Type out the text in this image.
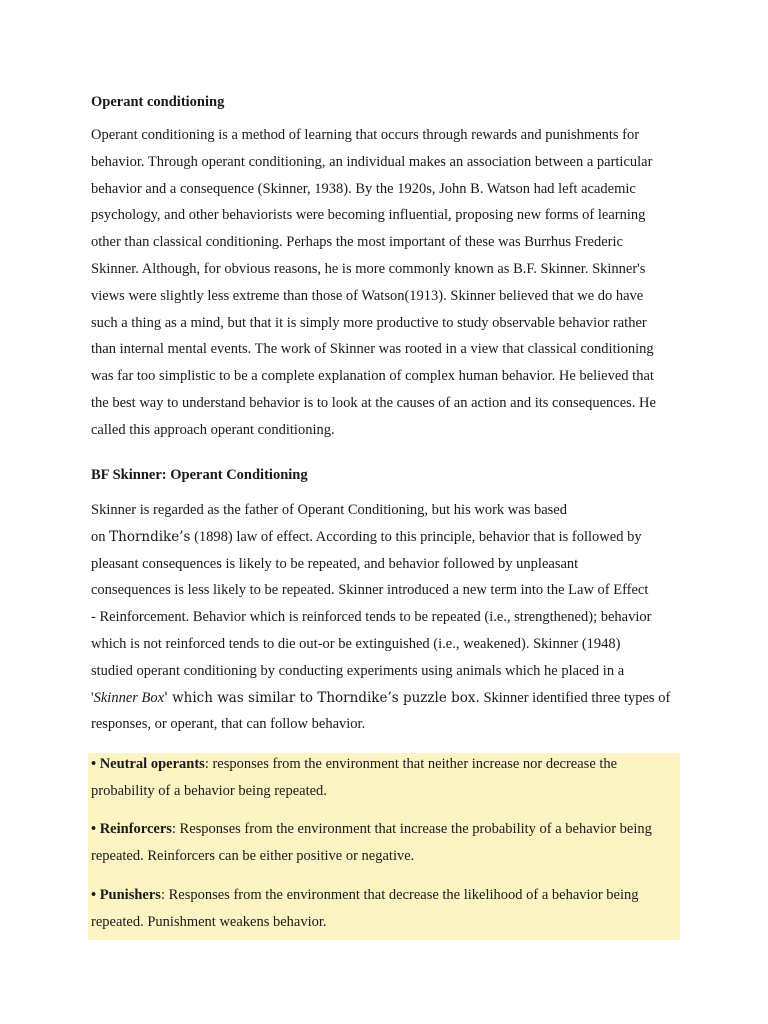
Operant conditioning
Operant conditioning is a method of learning that occurs through rewards and punishments for
behavior. Through operant conditioning, an individual makes an association between a particular
behavior and a consequence (Skinner, 1938). By the 1920s, John B. Watson had left academic
psychology, and other behaviorists were becoming influential, proposing new forms of learning
other than classical conditioning. Perhaps the most important of these was Burrhus Frederic
Skinner. Although, for obvious reasons, he is more commonly known as B.F. Skinner. Skinner's
views were slightly less extreme than those of Watson(1913). Skinner believed that we do have
such a thing as a mind, but that it is simply more productive to study observable behavior rather
than internal mental events. The work of Skinner was rooted in a view that classical conditioning
was far too simplistic to be a complete explanation of complex human behavior. He believed that
the best way to understand behavior is to look at the causes of an action and its consequences. He
called this approach operant conditioning.
BF Skinner: Operant Conditioning
Skinner is regarded as the father of Operant Conditioning, but his work was based
on Thorndike’s (1898) law of effect. According to this principle, behavior that is followed by
pleasant consequences is likely to be repeated, and behavior followed by unpleasant
consequences is less likely to be repeated. Skinner introduced a new term into the Law of Effect
- Reinforcement. Behavior which is reinforced tends to be repeated (i.e., strengthened); behavior
which is not reinforced tends to die out-or be extinguished (i.e., weakened). Skinner (1948)
studied operant conditioning by conducting experiments using animals which he placed in a
'Skinner Box' which was similar to Thorndike’s puzzle box. Skinner identified three types of
responses, or operant, that can follow behavior.
• Neutral operants: responses from the environment that neither increase nor decrease the
probability of a behavior being repeated.
• Reinforcers: Responses from the environment that increase the probability of a behavior being
repeated. Reinforcers can be either positive or negative.
• Punishers: Responses from the environment that decrease the likelihood of a behavior being
repeated. Punishment weakens behavior.
